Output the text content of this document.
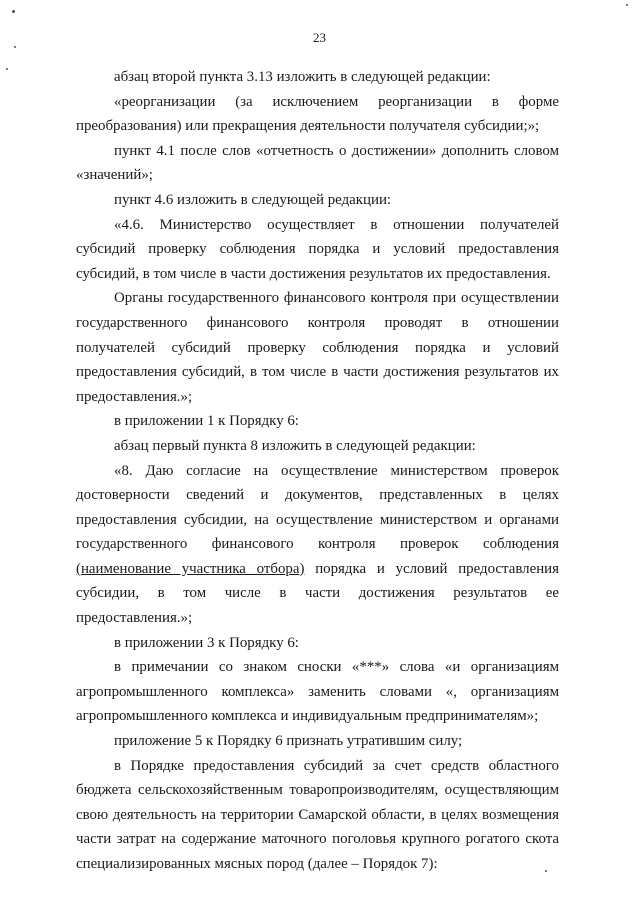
23

абзац второй пункта 3.13 изложить в следующей редакции:

«реорганизации (за исключением реорганизации в форме преобразования) или прекращения деятельности получателя субсидии;»;

пункт 4.1 после слов «отчетность о достижении» дополнить словом «значений»;

пункт 4.6 изложить в следующей редакции:

«4.6. Министерство осуществляет в отношении получателей субсидий проверку соблюдения порядка и условий предоставления субсидий, в том числе в части достижения результатов их предоставления.

Органы государственного финансового контроля при осуществлении государственного финансового контроля проводят в отношении получателей субсидий проверку соблюдения порядка и условий предоставления субсидий, в том числе в части достижения результатов их предоставления.»;

в приложении 1 к Порядку 6:

абзац первый пункта 8 изложить в следующей редакции:

«8. Даю согласие на осуществление министерством проверок достоверности сведений и документов, представленных в целях предоставления субсидии, на осуществление министерством и органами государственного финансового контроля проверок соблюдения (наименование участника отбора) порядка и условий предоставления субсидии, в том числе в части достижения результатов ее предоставления.»;

в приложении 3 к Порядку 6:

в примечании со знаком сноски «***» слова «и организациям агропромышленного комплекса» заменить словами «, организациям агропромышленного комплекса и индивидуальным предпринимателям»;

приложение 5 к Порядку 6 признать утратившим силу;

в Порядке предоставления субсидий за счет средств областного бюджета сельскохозяйственным товаропроизводителям, осуществляющим свою деятельность на территории Самарской области, в целях возмещения части затрат на содержание маточного поголовья крупного рогатого скота специализированных мясных пород (далее – Порядок 7):
